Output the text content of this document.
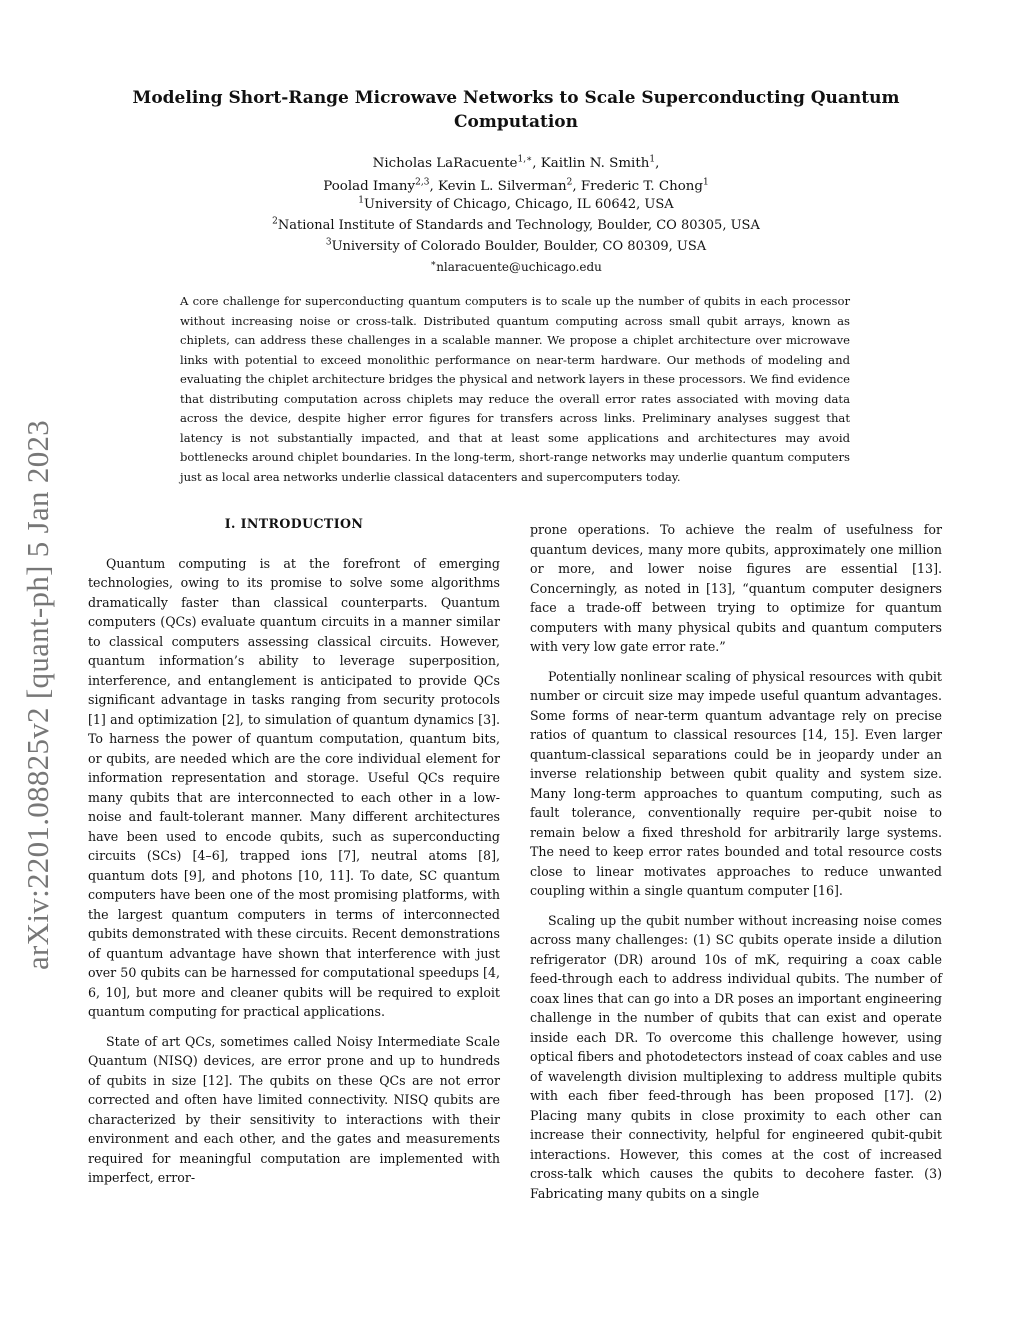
arXiv:2201.08825v2 [quant-ph] 5 Jan 2023
Modeling Short-Range Microwave Networks to Scale Superconducting Quantum Computation
Nicholas LaRacuente$^{1,∗}$, Kaitlin N. Smith$^1$,
Poolad Imany$^{2,3}$, Kevin L. Silverman$^2$, Frederic T. Chong$^1$
$^1$University of Chicago, Chicago, IL 60642, USA
$^2$National Institute of Standards and Technology, Boulder, CO 80305, USA
$^3$University of Colorado Boulder, Boulder, CO 80309, USA
∗nlaracuente@uchicago.edu

A core challenge for superconducting quantum computers is to scale up the number of qubits in each processor without increasing noise or cross-talk. Distributed quantum computing across small qubit arrays, known as chiplets, can address these challenges in a scalable manner. We propose a chiplet architecture over microwave links with potential to exceed monolithic performance on near-term hardware. Our methods of modeling and evaluating the chiplet architecture bridges the physical and network layers in these processors. We find evidence that distributing computation across chiplets may reduce the overall error rates associated with moving data across the device, despite higher error figures for transfers across links. Preliminary analyses suggest that latency is not substantially impacted, and that at least some applications and architectures may avoid bottlenecks around chiplet boundaries. In the long-term, short-range networks may underlie quantum computers just as local area networks underlie classical datacenters and supercomputers today.

I. INTRODUCTION

Quantum computing is at the forefront of emerging technologies, owing to its promise to solve some algorithms dramatically faster than classical counterparts. Quantum computers (QCs) evaluate quantum circuits in a manner similar to classical computers assessing classical circuits. However, quantum information’s ability to leverage superposition, interference, and entanglement is anticipated to provide QCs significant advantage in tasks ranging from security protocols [1] and optimization [2], to simulation of quantum dynamics [3]. To harness the power of quantum computation, quantum bits, or qubits, are needed which are the core individual element for information representation and storage. Useful QCs require many qubits that are interconnected to each other in a low-noise and fault-tolerant manner. Many different architectures have been used to encode qubits, such as superconducting circuits (SCs) [4–6], trapped ions [7], neutral atoms [8], quantum dots [9], and photons [10, 11]. To date, SC quantum computers have been one of the most promising platforms, with the largest quantum computers in terms of interconnected qubits demonstrated with these circuits. Recent demonstrations of quantum advantage have shown that interference with just over 50 qubits can be harnessed for computational speedups [4, 6, 10], but more and cleaner qubits will be required to exploit quantum computing for practical applications.

State of art QCs, sometimes called Noisy Intermediate Scale Quantum (NISQ) devices, are error prone and up to hundreds of qubits in size [12]. The qubits on these QCs are not error corrected and often have limited connectivity. NISQ qubits are characterized by their sensitivity to interactions with their environment and each other, and the gates and measurements required for meaningful computation are implemented with imperfect, error-

prone operations. To achieve the realm of usefulness for quantum devices, many more qubits, approximately one million or more, and lower noise figures are essential [13]. Concerningly, as noted in [13], “quantum computer designers face a trade-off between trying to optimize for quantum computers with many physical qubits and quantum computers with very low gate error rate.”

Potentially nonlinear scaling of physical resources with qubit number or circuit size may impede useful quantum advantages. Some forms of near-term quantum advantage rely on precise ratios of quantum to classical resources [14, 15]. Even larger quantum-classical separations could be in jeopardy under an inverse relationship between qubit quality and system size. Many long-term approaches to quantum computing, such as fault tolerance, conventionally require per-qubit noise to remain below a fixed threshold for arbitrarily large systems. The need to keep error rates bounded and total resource costs close to linear motivates approaches to reduce unwanted coupling within a single quantum computer [16].

Scaling up the qubit number without increasing noise comes across many challenges: (1) SC qubits operate inside a dilution refrigerator (DR) around 10s of mK, requiring a coax cable feed-through each to address individual qubits. The number of coax lines that can go into a DR poses an important engineering challenge in the number of qubits that can exist and operate inside each DR. To overcome this challenge however, using optical fibers and photodetectors instead of coax cables and use of wavelength division multiplexing to address multiple qubits with each fiber feed-through has been proposed [17]. (2) Placing many qubits in close proximity to each other can increase their connectivity, helpful for engineered qubit-qubit interactions. However, this comes at the cost of increased cross-talk which causes the qubits to decohere faster. (3) Fabricating many qubits on a single
